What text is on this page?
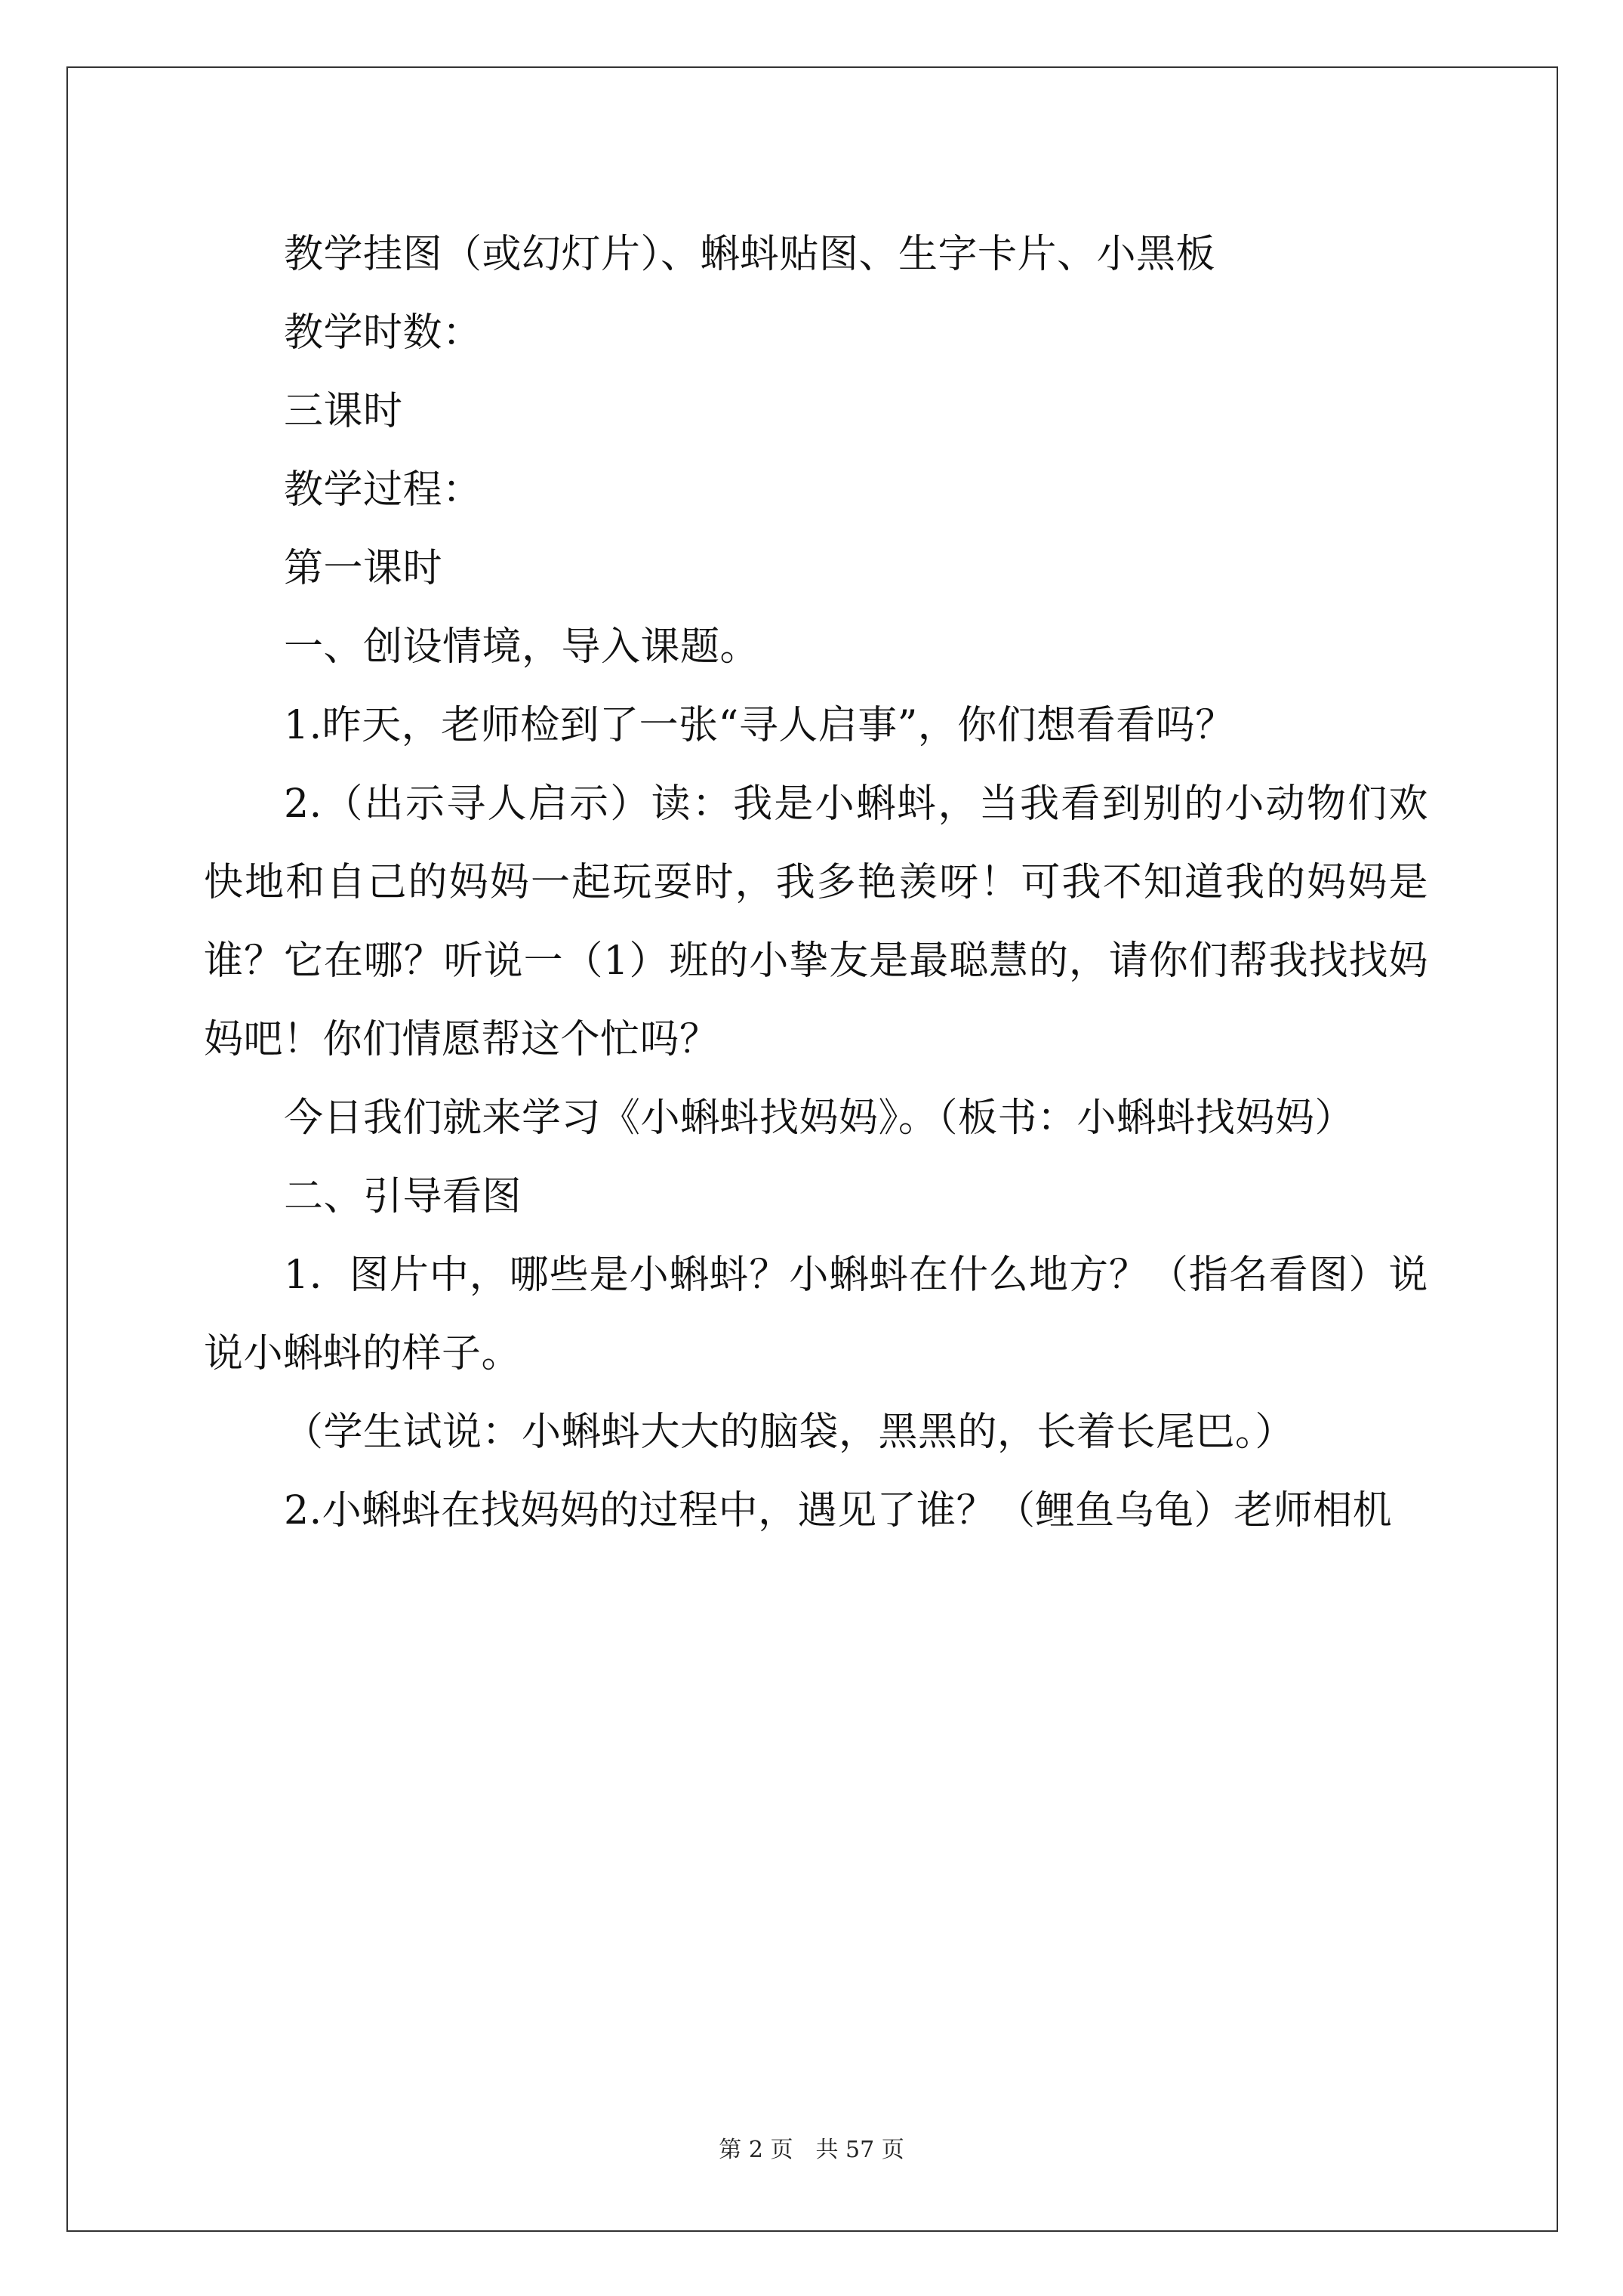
教学挂图（或幻灯片）、蝌蚪贴图、生字卡片、小黑板

教学时数：

三课时

教学过程：

第一课时

一、创设情境，导入课题。

1.昨天，老师检到了一张“寻人启事”，你们想看看吗？

2.（出示寻人启示）读：我是小蝌蚪，当我看到别的小动物们欢快地和自己的妈妈一起玩耍时，我多艳羡呀！可我不知道我的妈妈是谁？它在哪？听说一（1）班的小挚友是最聪慧的，请你们帮我找找妈妈吧！你们情愿帮这个忙吗？

今日我们就来学习《小蝌蚪找妈妈》。（板书：小蝌蚪找妈妈）

二、引导看图

1．图片中，哪些是小蝌蚪？小蝌蚪在什么地方？（指名看图）说说小蝌蚪的样子。

（学生试说：小蝌蚪大大的脑袋，黑黑的，长着长尾巴。）

2.小蝌蚪在找妈妈的过程中，遇见了谁？（鲤鱼乌龟）老师相机

第 2 页 共 57 页
